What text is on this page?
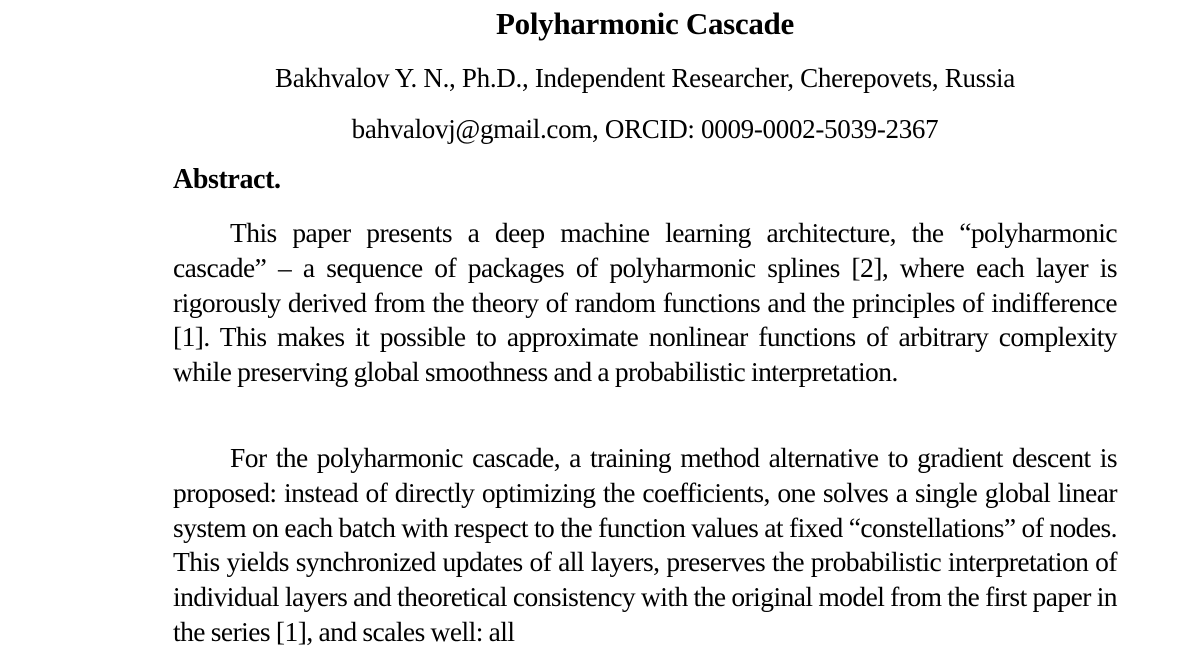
Polyharmonic Cascade

Bakhvalov Y. N., Ph.D., Independent Researcher, Cherepovets, Russia

bahvalovj@gmail.com, ORCID: 0009-0002-5039-2367

Abstract.

This paper presents a deep machine learning architecture, the “polyharmonic cascade” – a sequence of packages of polyharmonic splines [2], where each layer is rigorously derived from the theory of random functions and the principles of indifference [1]. This makes it possible to approximate nonlinear functions of arbitrary complexity while preserving global smoothness and a probabilistic interpretation.

For the polyharmonic cascade, a training method alternative to gradient descent is proposed: instead of directly optimizing the coefficients, one solves a single global linear system on each batch with respect to the function values at fixed “constellations” of nodes. This yields synchronized updates of all layers, preserves the probabilistic interpretation of individual layers and theoretical consistency with the original model from the first paper in the series [1], and scales well: all
